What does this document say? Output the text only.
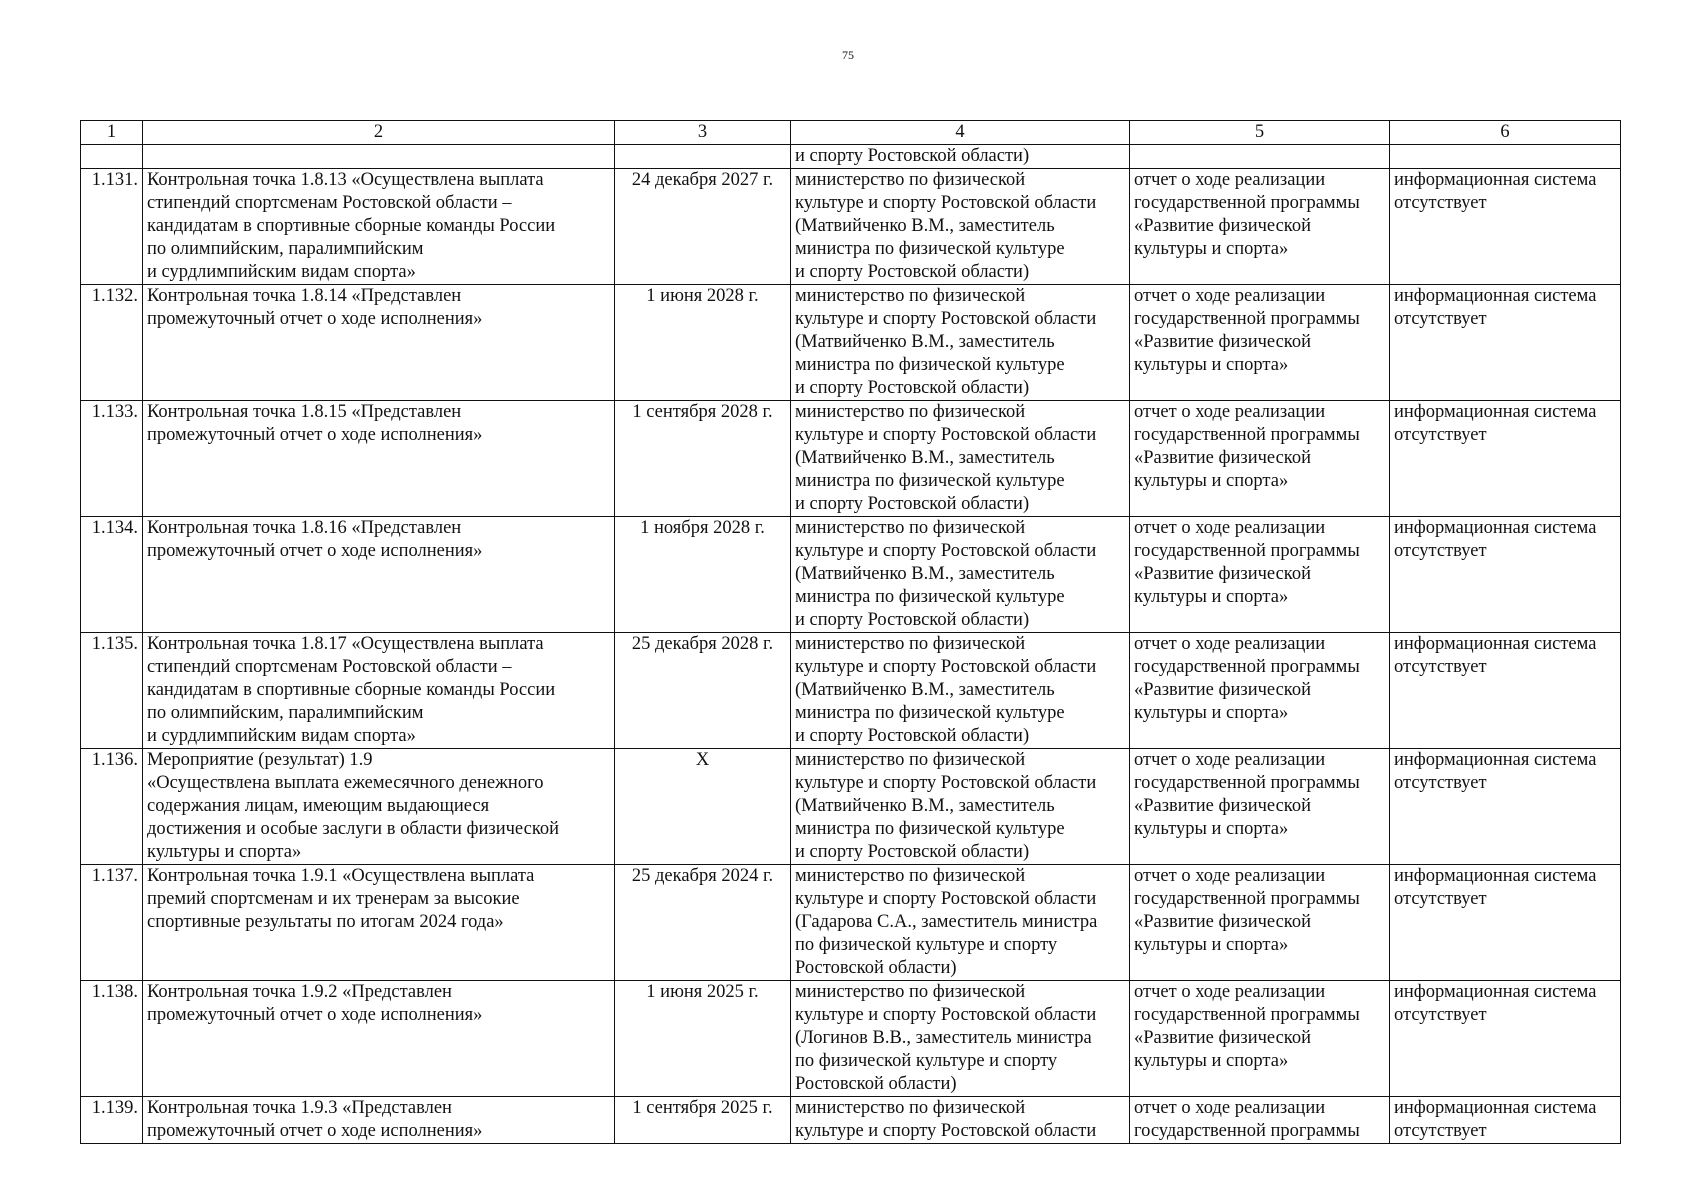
75
1	2	3	4	5	6
			и спорту Ростовской области)		
1.131.	Контрольная точка 1.8.13 «Осуществлена выплата
стипендий спортсменам Ростовской области –
кандидатам в спортивные сборные команды России
по олимпийским, паралимпийским
и сурдлимпийским видам спорта»	24 декабря 2027 г.	министерство по физической
культуре и спорту Ростовской области
(Матвийченко В.М., заместитель
министра по физической культуре
и спорту Ростовской области)	отчет о ходе реализации
государственной программы
«Развитие физической
культуры и спорта»	информационная система
отсутствует
1.132.	Контрольная точка 1.8.14 «Представлен
промежуточный отчет о ходе исполнения»	1 июня 2028 г.	министерство по физической
культуре и спорту Ростовской области
(Матвийченко В.М., заместитель
министра по физической культуре
и спорту Ростовской области)	отчет о ходе реализации
государственной программы
«Развитие физической
культуры и спорта»	информационная система
отсутствует
1.133.	Контрольная точка 1.8.15 «Представлен
промежуточный отчет о ходе исполнения»	1 сентября 2028 г.	министерство по физической
культуре и спорту Ростовской области
(Матвийченко В.М., заместитель
министра по физической культуре
и спорту Ростовской области)	отчет о ходе реализации
государственной программы
«Развитие физической
культуры и спорта»	информационная система
отсутствует
1.134.	Контрольная точка 1.8.16 «Представлен
промежуточный отчет о ходе исполнения»	1 ноября 2028 г.	министерство по физической
культуре и спорту Ростовской области
(Матвийченко В.М., заместитель
министра по физической культуре
и спорту Ростовской области)	отчет о ходе реализации
государственной программы
«Развитие физической
культуры и спорта»	информационная система
отсутствует
1.135.	Контрольная точка 1.8.17 «Осуществлена выплата
стипендий спортсменам Ростовской области –
кандидатам в спортивные сборные команды России
по олимпийским, паралимпийским
и сурдлимпийским видам спорта»	25 декабря 2028 г.	министерство по физической
культуре и спорту Ростовской области
(Матвийченко В.М., заместитель
министра по физической культуре
и спорту Ростовской области)	отчет о ходе реализации
государственной программы
«Развитие физической
культуры и спорта»	информационная система
отсутствует
1.136.	Мероприятие (результат) 1.9
«Осуществлена выплата ежемесячного денежного
содержания лицам, имеющим выдающиеся
достижения и особые заслуги в области физической
культуры и спорта»	Х	министерство по физической
культуре и спорту Ростовской области
(Матвийченко В.М., заместитель
министра по физической культуре
и спорту Ростовской области)	отчет о ходе реализации
государственной программы
«Развитие физической
культуры и спорта»	информационная система
отсутствует
1.137.	Контрольная точка 1.9.1 «Осуществлена выплата
премий спортсменам и их тренерам за высокие
спортивные результаты по итогам 2024 года»	25 декабря 2024 г.	министерство по физической
культуре и спорту Ростовской области
(Гадарова С.А., заместитель министра
по физической культуре и спорту
Ростовской области)	отчет о ходе реализации
государственной программы
«Развитие физической
культуры и спорта»	информационная система
отсутствует
1.138.	Контрольная точка 1.9.2 «Представлен
промежуточный отчет о ходе исполнения»	1 июня 2025 г.	министерство по физической
культуре и спорту Ростовской области
(Логинов В.В., заместитель министра
по физической культуре и спорту
Ростовской области)	отчет о ходе реализации
государственной программы
«Развитие физической
культуры и спорта»	информационная система
отсутствует
1.139.	Контрольная точка 1.9.3 «Представлен
промежуточный отчет о ходе исполнения»	1 сентября 2025 г.	министерство по физической
культуре и спорту Ростовской области	отчет о ходе реализации
государственной программы	информационная система
отсутствует
